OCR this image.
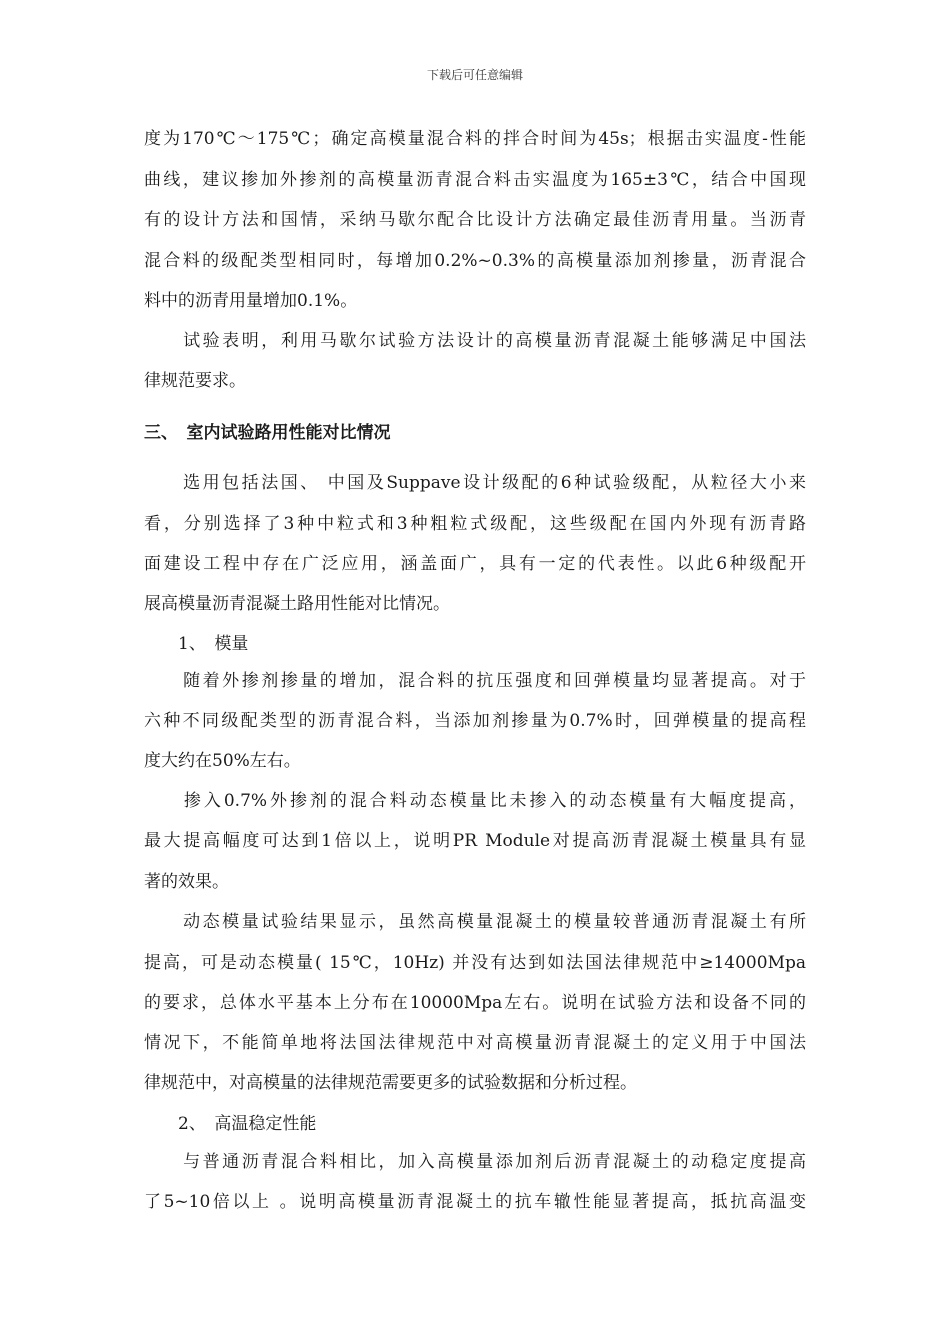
下载后可任意编辑
度为170℃～175℃；确定高模量混合料的拌合时间为45s；根据击实温度-性能
曲线，建议掺加外掺剂的高模量沥青混合料击实温度为165±3℃，结合中国现
有的设计方法和国情，采纳马歇尔配合比设计方法确定最佳沥青用量。当沥青
混合料的级配类型相同时，每增加0.2%~0.3%的高模量添加剂掺量，沥青混合
料中的沥青用量增加0.1%。
　　试验表明，利用马歇尔试验方法设计的高模量沥青混凝土能够满足中国法
律规范要求。
三、　室内试验路用性能对比情况
　　选用包括法国、 中国及Suppave设计级配的6种试验级配，从粒径大小来
看，分别选择了3种中粒式和3种粗粒式级配，这些级配在国内外现有沥青路
面建设工程中存在广泛应用，涵盖面广，具有一定的代表性。以此6种级配开
展高模量沥青混凝土路用性能对比情况。
　　1、　模量
　　随着外掺剂掺量的增加，混合料的抗压强度和回弹模量均显著提高。对于
六种不同级配类型的沥青混合料，当添加剂掺量为0.7%时，回弹模量的提高程
度大约在50%左右。
　　掺入0.7%外掺剂的混合料动态模量比未掺入的动态模量有大幅度提高，
最大提高幅度可达到1倍以上，说明PR Module对提高沥青混凝土模量具有显
著的效果。
　　动态模量试验结果显示，虽然高模量混凝土的模量较普通沥青混凝土有所
提高，可是动态模量( 15℃，10Hz) 并没有达到如法国法律规范中≥14000Mpa
的要求，总体水平基本上分布在10000Mpa左右。说明在试验方法和设备不同的
情况下，不能简单地将法国法律规范中对高模量沥青混凝土的定义用于中国法
律规范中，对高模量的法律规范需要更多的试验数据和分析过程。
　　2、　高温稳定性能
　　与普通沥青混合料相比，加入高模量添加剂后沥青混凝土的动稳定度提高
了5~10倍以上 。说明高模量沥青混凝土的抗车辙性能显著提高，抵抗高温变
